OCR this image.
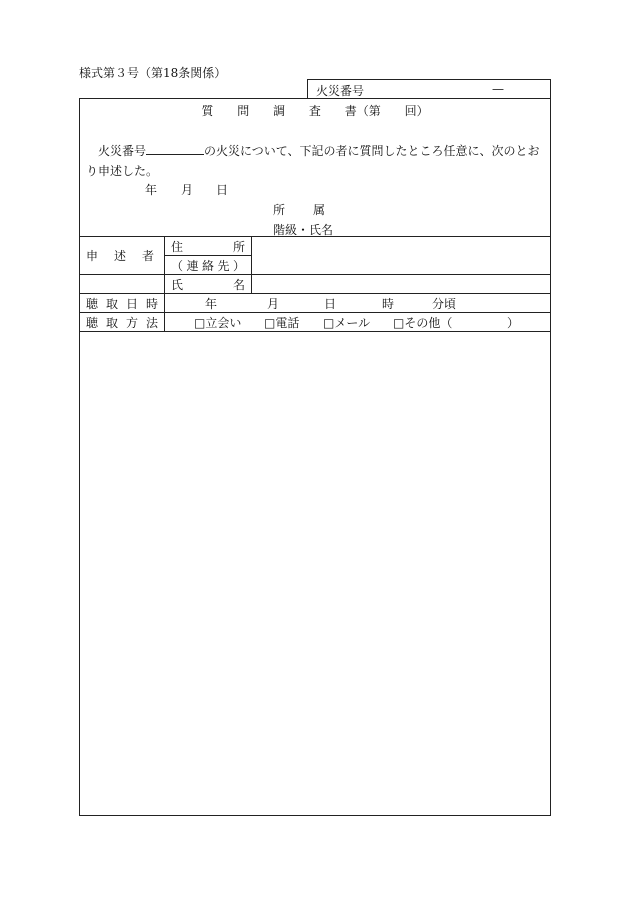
様式第３号（第18条関係）
火災番号	—
質 問 調 査 書（第 回）
火災番号	の火災について、下記の者に質問したところ任意に、次のとおり申述した。
年 月 日
所 属
階級・氏名
申 述 者	住 所	

	（ 連 絡 先 ）	

	氏 名	

聴 取 日 時	年 月 日 時 分頃	

聴 取 方 法	□立会い □電話 □メール □その他（ ）	
